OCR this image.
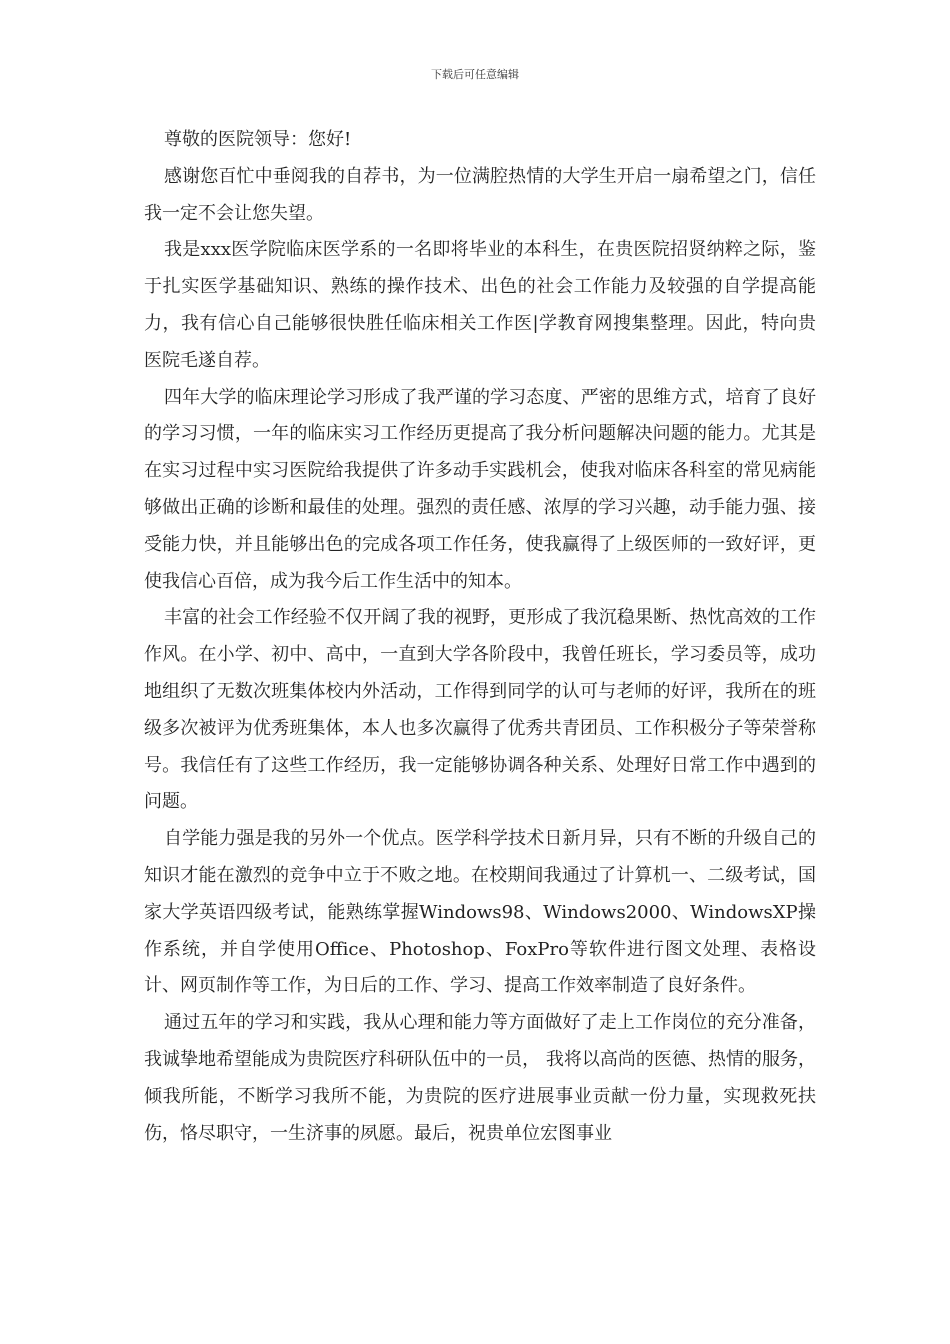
下载后可任意编辑

尊敬的医院领导：您好!

感谢您百忙中垂阅我的自荐书，为一位满腔热情的大学生开启一扇希望之门，信任我一定不会让您失望。

我是xxx医学院临床医学系的一名即将毕业的本科生，在贵医院招贤纳粹之际，鉴于扎实医学基础知识、熟练的操作技术、出色的社会工作能力及较强的自学提高能力，我有信心自己能够很快胜任临床相关工作医|学教育网搜集整理。因此，特向贵医院毛遂自荐。

四年大学的临床理论学习形成了我严谨的学习态度、严密的思维方式，培育了良好的学习习惯，一年的临床实习工作经历更提高了我分析问题解决问题的能力。尤其是在实习过程中实习医院给我提供了许多动手实践机会，使我对临床各科室的常见病能够做出正确的诊断和最佳的处理。强烈的责任感、浓厚的学习兴趣，动手能力强、接受能力快，并且能够出色的完成各项工作任务，使我赢得了上级医师的一致好评，更使我信心百倍，成为我今后工作生活中的知本。

丰富的社会工作经验不仅开阔了我的视野，更形成了我沉稳果断、热忱高效的工作作风。在小学、初中、高中，一直到大学各阶段中，我曾任班长，学习委员等，成功地组织了无数次班集体校内外活动，工作得到同学的认可与老师的好评，我所在的班级多次被评为优秀班集体，本人也多次赢得了优秀共青团员、工作积极分子等荣誉称号。我信任有了这些工作经历，我一定能够协调各种关系、处理好日常工作中遇到的问题。

自学能力强是我的另外一个优点。医学科学技术日新月异，只有不断的升级自己的知识才能在激烈的竞争中立于不败之地。在校期间我通过了计算机一、二级考试，国家大学英语四级考试，能熟练掌握Windows98、Windows2000、WindowsXP操作系统，并自学使用Office、Photoshop、FoxPro等软件进行图文处理、表格设计、网页制作等工作，为日后的工作、学习、提高工作效率制造了良好条件。

通过五年的学习和实践，我从心理和能力等方面做好了走上工作岗位的充分准备，我诚挚地希望能成为贵院医疗科研队伍中的一员， 我将以高尚的医德、热情的服务，倾我所能，不断学习我所不能，为贵院的医疗进展事业贡献一份力量，实现救死扶伤，恪尽职守，一生济事的夙愿。最后，祝贵单位宏图事业
